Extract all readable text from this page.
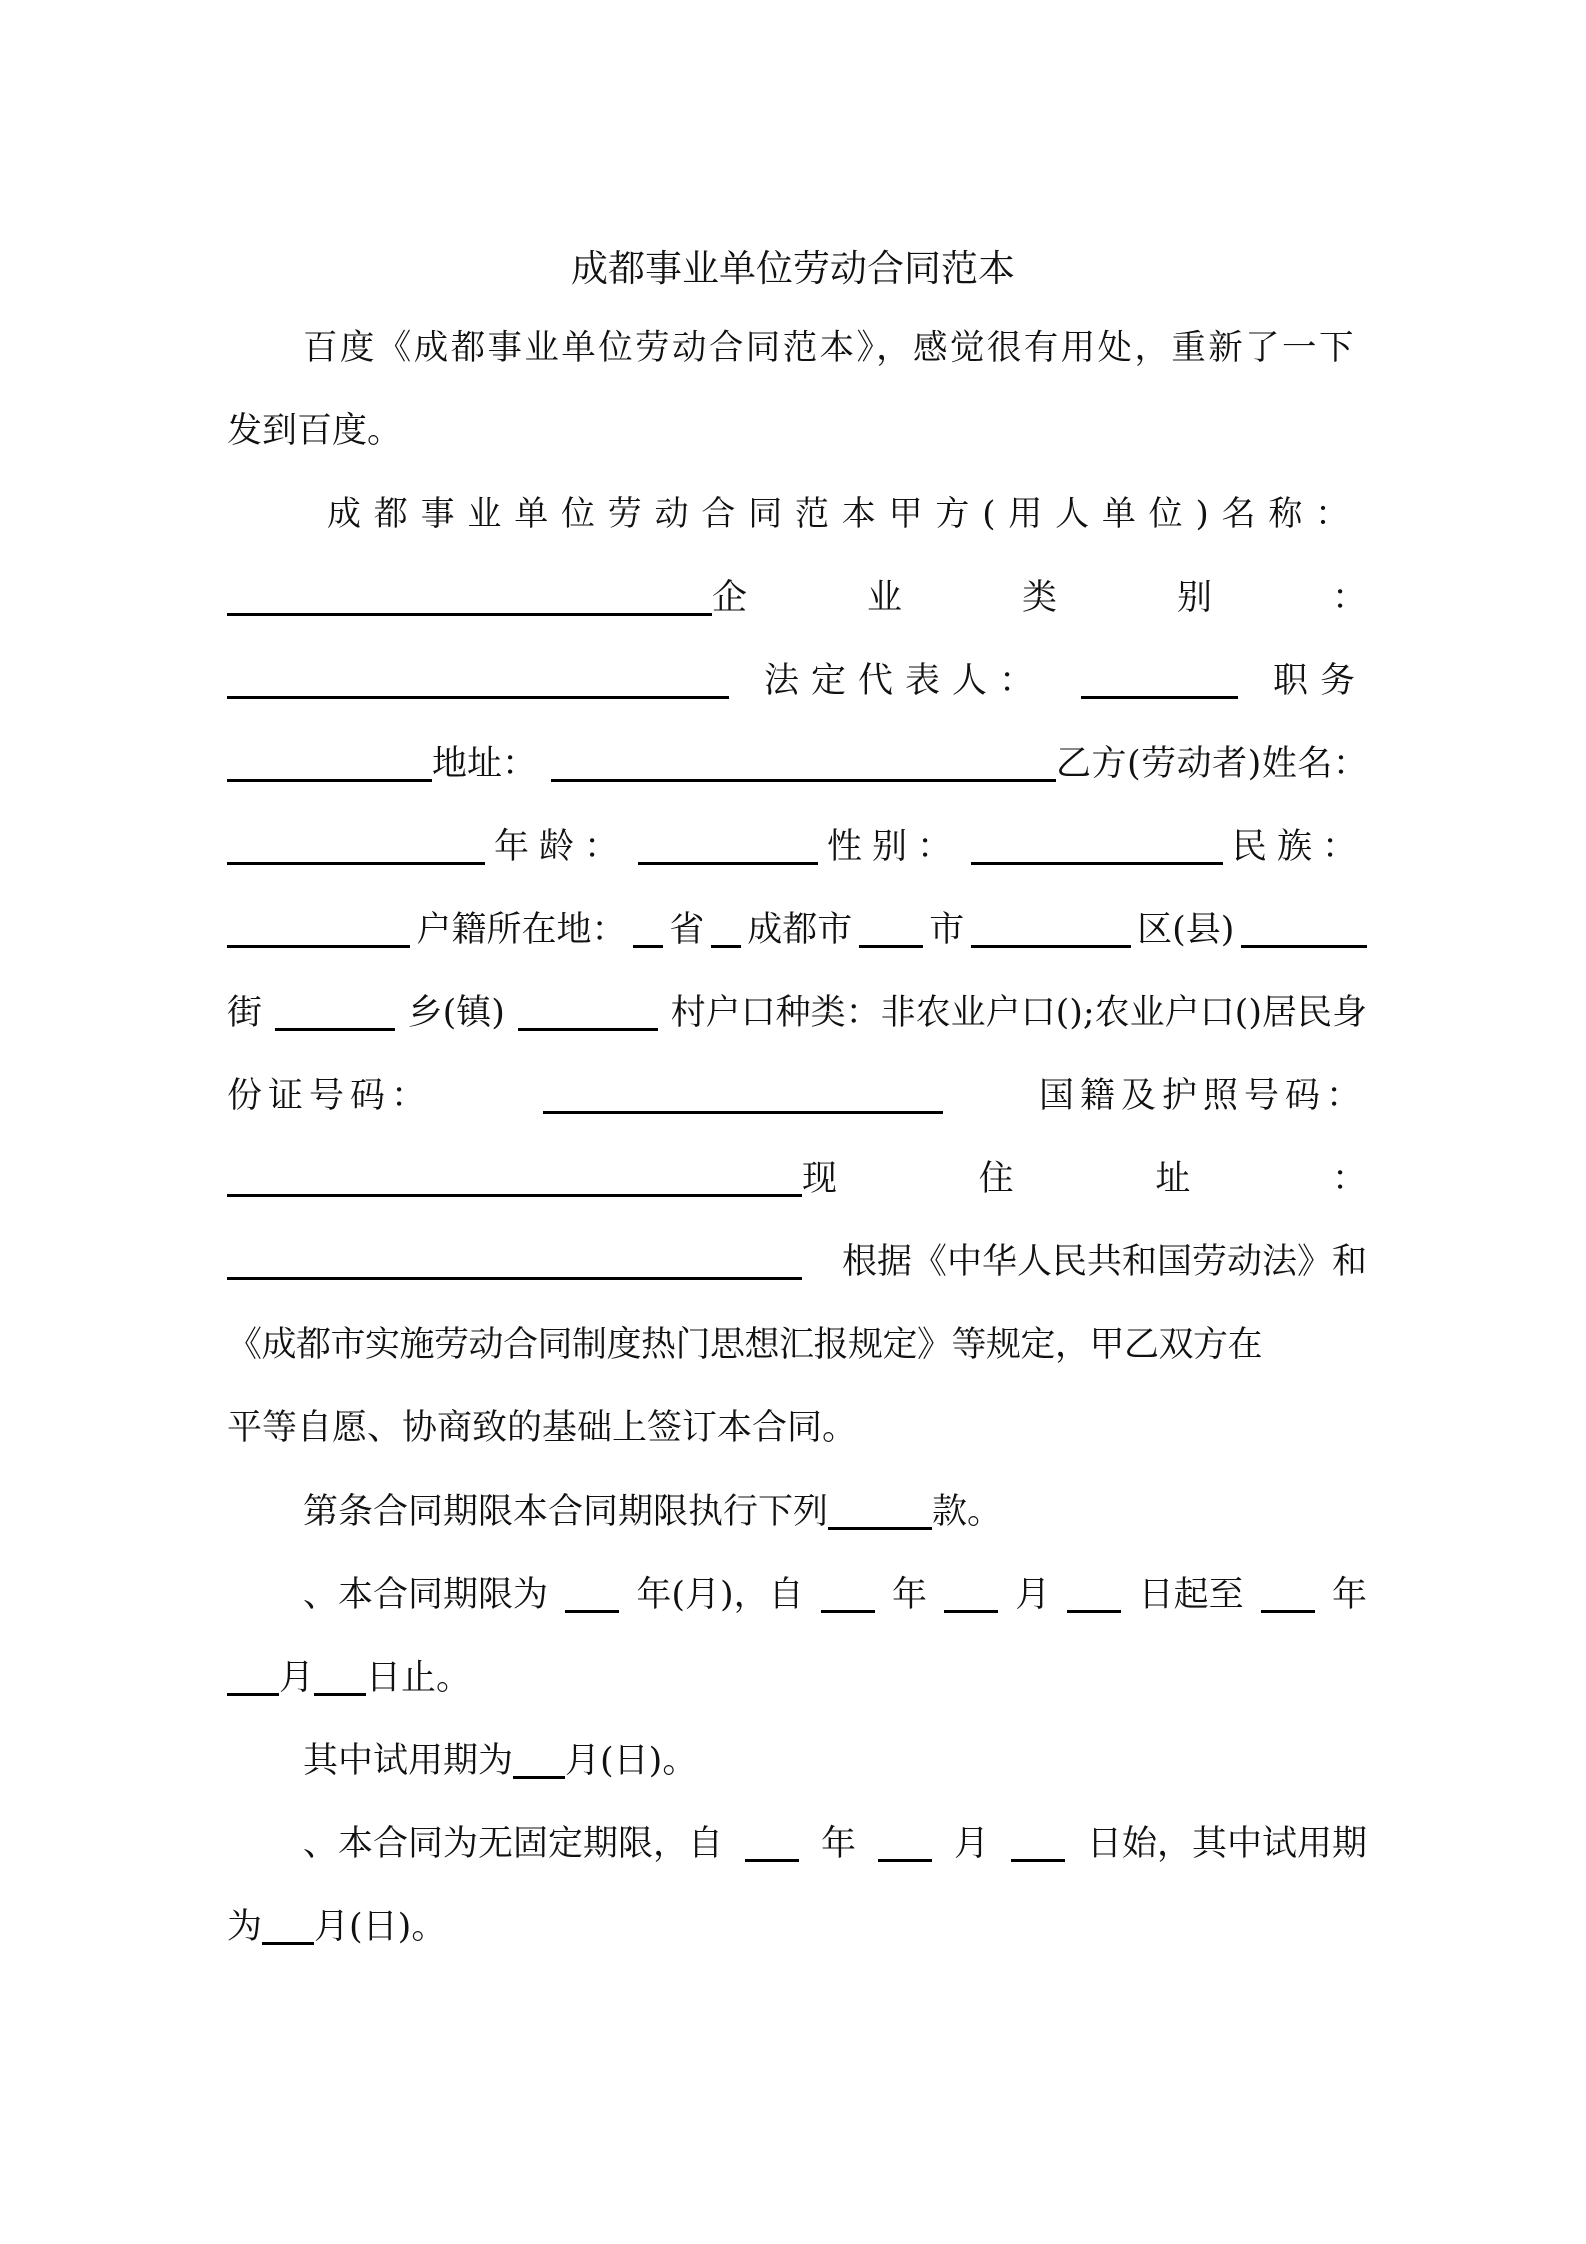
成都事业单位劳动合同范本
百度《成都事业单位劳动合同范本》，感觉很有用处，重新了一下
发到百度。
成都事业单位劳动合同范本甲方(用人单位)名称：
企	业	类	别	：
法定代表人：	职务
地址：	乙方(劳动者)姓名：
年龄：	性别：	民族：
户籍所在地： 省 成都市 市	区(县)
街	乡(镇)	村户口种类：非农业户口();农业户口()居民身
份证号码：	国籍及护照号码：
现	住	址	：
根据《中华人民共和国劳动法》和
《成都市实施劳动合同制度热门思想汇报规定》等规定，甲乙双方在
平等自愿、协商致的基础上签订本合同。
第条合同期限本合同期限执行下列	款。
、本合同期限为	年(月)，自	年	月	日起至	年
月 日止。
其中试用期为 月(日)。
、本合同为无固定期限，自	年	月	日始，其中试用期
为 月(日)。
